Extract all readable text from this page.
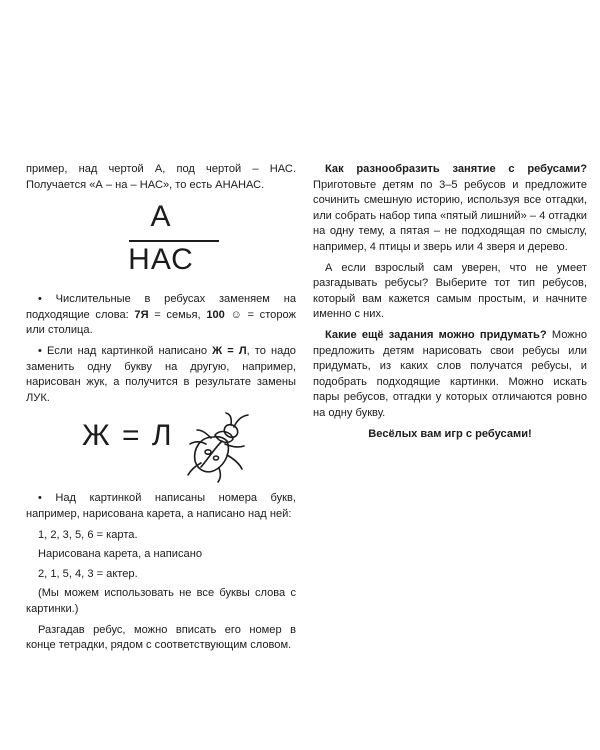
пример, над чертой А, под чертой – НАС. Получается «А – на – НАС», то есть АНАНАС.

А
НАС

• Числительные в ребусах заменяем на подходящие слова: 7Я = семья, 100 ☺ = сторож или столица.

• Если над картинкой написано Ж = Л, то надо заменить одну букву на другую, например, нарисован жук, а получится в результате замены ЛУК.

Ж = Л

• Над картинкой написаны номера букв, например, нарисована карета, а написано над ней:

1, 2, 3, 5, 6 = карта.

Нарисована карета, а написано

2, 1, 5, 4, 3 = актер.

(Мы можем использовать не все буквы слова с картинки.)

Разгадав ребус, можно вписать его номер в конце тетрадки, рядом с соответствующим словом.

Как разнообразить занятие с ребусами? Приготовьте детям по 3–5 ребусов и предложите сочинить смешную историю, используя все отгадки, или собрать набор типа «пятый лишний» – 4 отгадки на одну тему, а пятая – не подходящая по смыслу, например, 4 птицы и зверь или 4 зверя и дерево.

А если взрослый сам уверен, что не умеет разгадывать ребусы? Выберите тот тип ребусов, который вам кажется самым простым, и начните именно с них.

Какие ещё задания можно придумать? Можно предложить детям нарисовать свои ребусы или придумать, из каких слов получатся ребусы, и подобрать подходящие картинки. Можно искать пары ребусов, отгадки у которых отличаются ровно на одну букву.

Весёлых вам игр с ребусами!
